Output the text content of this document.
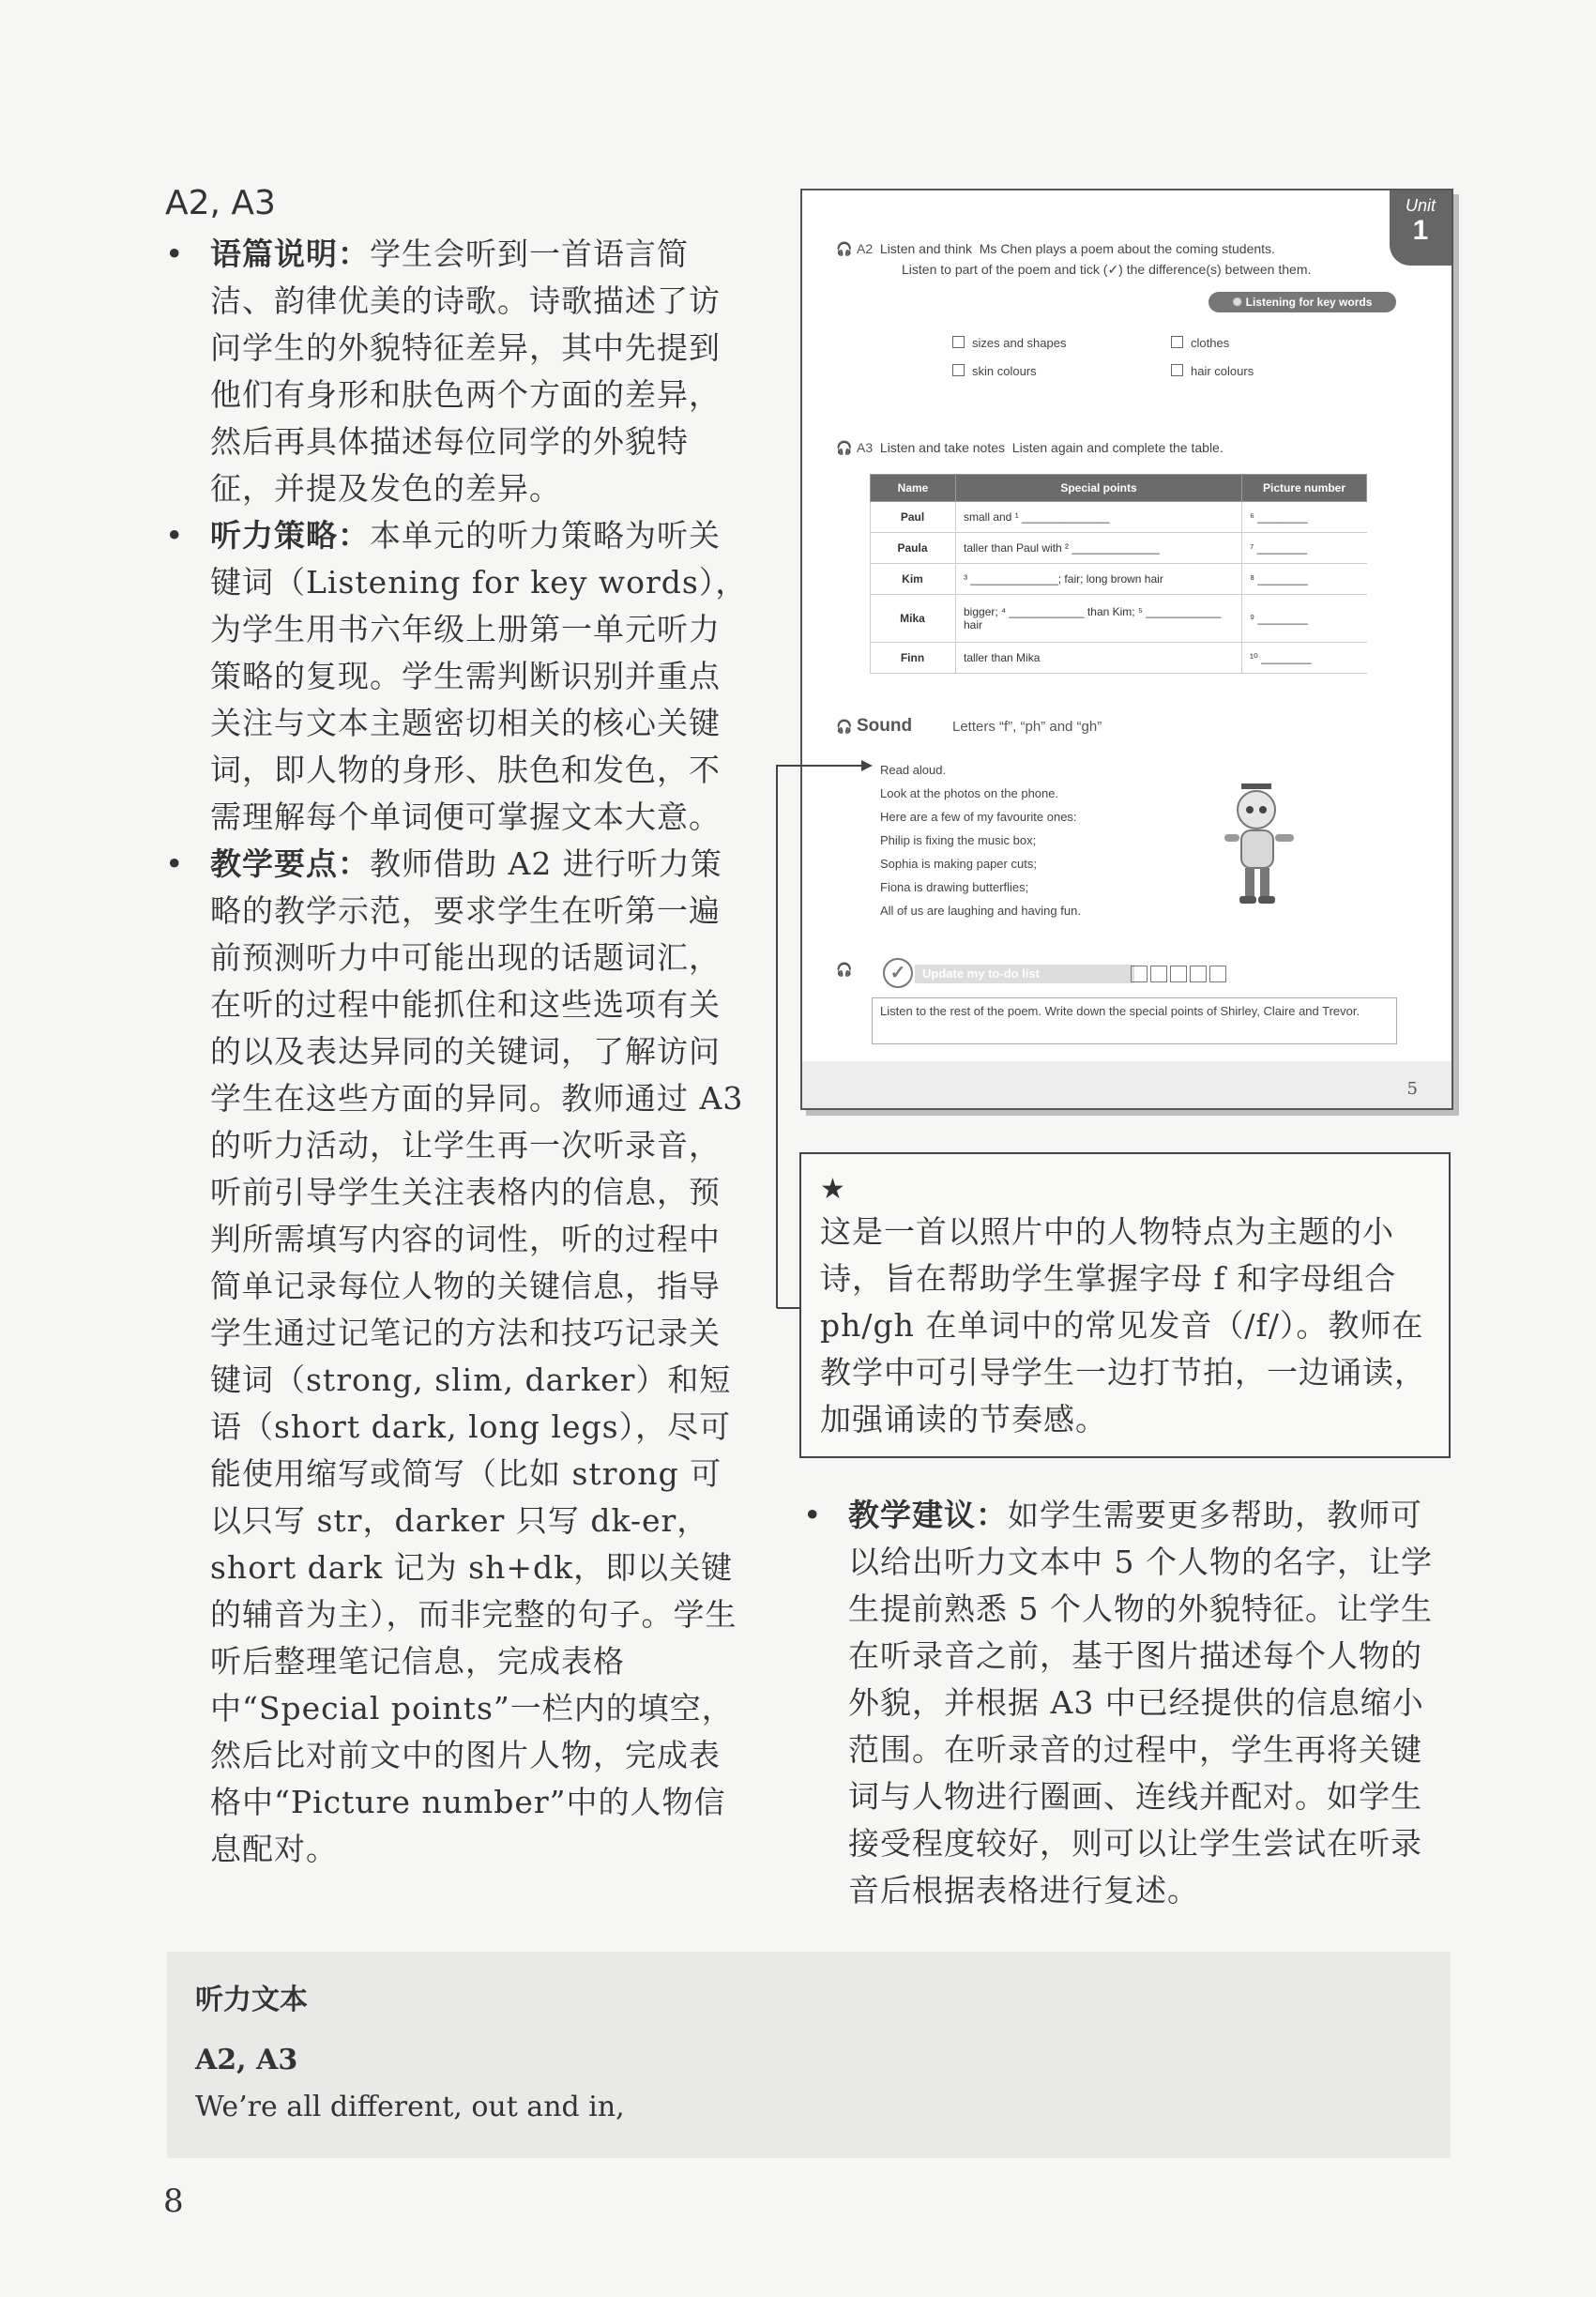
A2, A3

• 语篇说明：学生会听到一首语言简洁、韵律优美的诗歌。诗歌描述了访问学生的外貌特征差异，其中先提到他们有身形和肤色两个方面的差异，然后再具体描述每位同学的外貌特征，并提及发色的差异。

• 听力策略：本单元的听力策略为听关键词（Listening for key words），为学生用书六年级上册第一单元听力策略的复现。学生需判断识别并重点关注与文本主题密切相关的核心关键词，即人物的身形、肤色和发色，不需理解每个单词便可掌握文本大意。

• 教学要点：教师借助 A2 进行听力策略的教学示范，要求学生在听第一遍前预测听力中可能出现的话题词汇，在听的过程中能抓住和这些选项有关的以及表达异同的关键词，了解访问学生在这些方面的异同。教师通过 A3 的听力活动，让学生再一次听录音，听前引导学生关注表格内的信息，预判所需填写内容的词性，听的过程中简单记录每位人物的关键信息，指导学生通过记笔记的方法和技巧记录关键词（strong, slim, darker）和短语（short dark, long legs），尽可能使用缩写或简写（比如 strong 可以只写 str，darker 只写 dk-er，short dark 记为 sh+dk，即以关键的辅音为主），而非完整的句子。学生听后整理笔记信息，完成表格中“Special points”一栏内的填空，然后比对前文中的图片人物，完成表格中“Picture number”中的人物信息配对。

Unit
1
🎧 A2 Listen and think Ms Chen plays a poem about the coming students.
Listen to part of the poem and tick (✓) the difference(s) between them.
✺ Listening for key words
sizes and shapes	clothes
skin colours	hair colours
🎧 A3 Listen and take notes Listen again and complete the table.
Name	Special points	Picture number
Paul	small and ¹ ______________	⁶ ________
Paula	taller than Paul with ² ______________	⁷ ________
Kim	³ ______________; fair; long brown hair	⁸ ________
Mika	bigger; ⁴ ____________ than Kim; ⁵ ____________ hair	⁹ ________
Finn	taller than Mika	¹⁰ ________
🎧 Sound	Letters “f”, “ph” and “gh”
Read aloud.
Look at the photos on the phone.
Here are a few of my favourite ones:
Philip is fixing the music box;
Sophia is making paper cuts;
Fiona is drawing butterflies;
All of us are laughing and having fun.
🎧	✓	Update my to-do list
Listen to the rest of the poem. Write down the special points of Shirley, Claire and Trevor.
5
★

这是一首以照片中的人物特点为主题的小诗，旨在帮助学生掌握字母 f 和字母组合 ph/gh 在单词中的常见发音（/f/）。教师在教学中可引导学生一边打节拍，一边诵读，加强诵读的节奏感。

• 教学建议：如学生需要更多帮助，教师可以给出听力文本中 5 个人物的名字，让学生提前熟悉 5 个人物的外貌特征。让学生在听录音之前，基于图片描述每个人物的外貌，并根据 A3 中已经提供的信息缩小范围。在听录音的过程中，学生再将关键词与人物进行圈画、连线并配对。如学生接受程度较好，则可以让学生尝试在听录音后根据表格进行复述。

听力文本
A2, A3
We’re all different, out and in,
8
